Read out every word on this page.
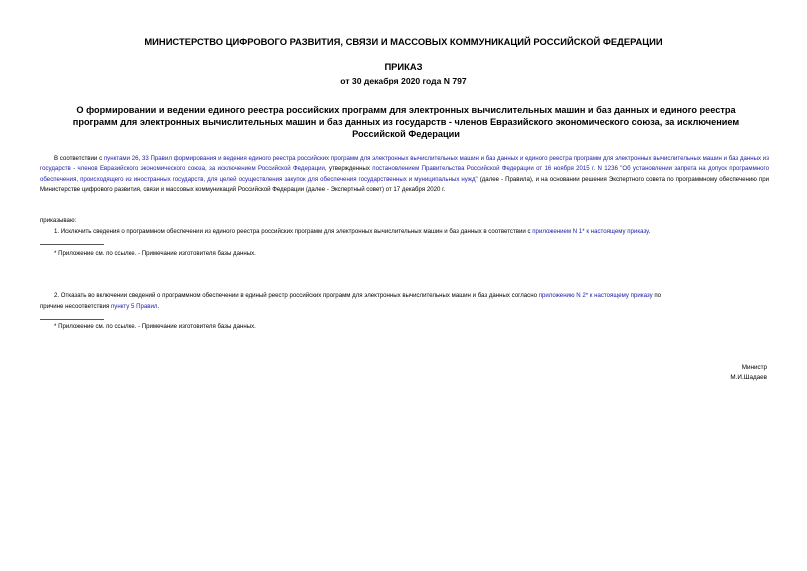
МИНИСТЕРСТВО ЦИФРОВОГО РАЗВИТИЯ, СВЯЗИ И МАССОВЫХ КОММУНИКАЦИЙ РОССИЙСКОЙ ФЕДЕРАЦИИ
ПРИКАЗ
от 30 декабря 2020 года N 797
О формировании и ведении единого реестра российских программ для электронных вычислительных машин и баз данных и единого реестра программ для электронных вычислительных машин и баз данных из государств - членов Евразийского экономического союза, за исключением Российской Федерации
В соответствии с пунктами 26, 33 Правил формирования и ведения единого реестра российских программ для электронных вычислительных машин и баз данных и единого реестра программ для электронных вычислительных машин и баз данных из государств - членов Евразийского экономического союза, за исключением Российской Федерации, утвержденных постановлением Правительства Российской Федерации от 16 ноября 2015 г. N 1236 "Об установлении запрета на допуск программного обеспечения, происходящего из иностранных государств, для целей осуществления закупок для обеспечения государственных и муниципальных нужд" (далее - Правила), и на основании решения Экспертного совета по программному обеспечению при Министерстве цифрового развития, связи и массовых коммуникаций Российской Федерации (далее - Экспертный совет) от 17 декабря 2020 г.
приказываю:
1. Исключить сведения о программном обеспечении из единого реестра российских программ для электронных вычислительных машин и баз данных в соответствии с приложением N 1* к настоящему приказу.
* Приложение см. по ссылке. - Примечание изготовителя базы данных.
2. Отказать во включении сведений о программном обеспечении в единый реестр российских программ для электронных вычислительных машин и баз данных согласно приложению N 2* к настоящему приказу по
причине несоответствия пункту 5 Правил.
* Приложение см. по ссылке. - Примечание изготовителя базы данных.
Министр
М.И.Шадаев
